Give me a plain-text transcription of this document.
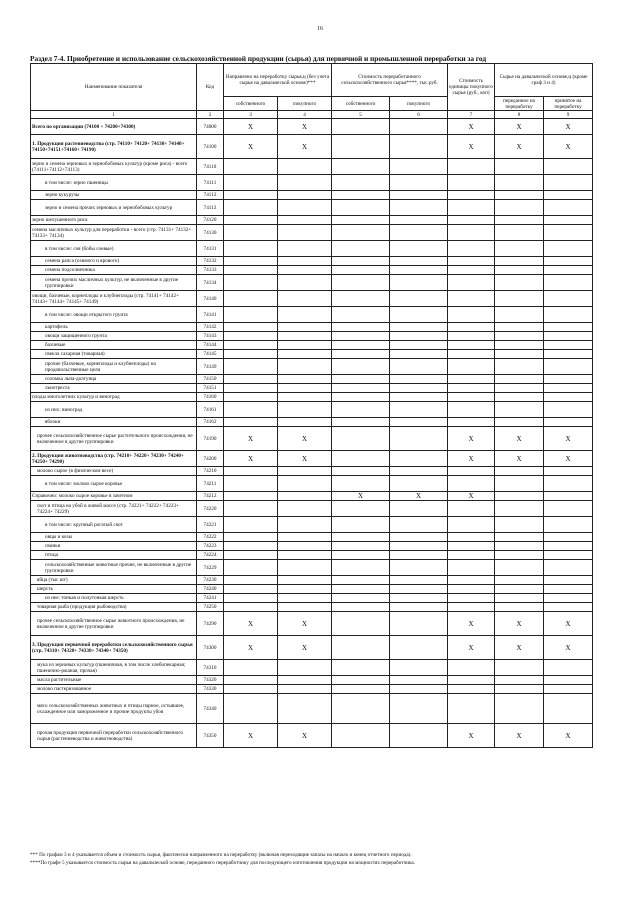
16
Раздел 7-4. Приобретение и использование сельскохозяйственной продукции (сырья) для первичной и промышленной переработки за год
Наименование показателя	Код	Направлено на переработку сырья,ц (без учета сырья на давальческой основе)***		Стоимость переработанного сельскохозяйственного сырья****, тыс.руб.		Стоимость единицы покупного сырья (руб., коп)	Сырье на давальческой основе,ц (кроме граф 3 и 4)	
		собственного	покупного	собственного	покупного		переданное на переработку	принятое на переработку
1	2	3	4	5	6	7	8	9
Всего по организации (74100 + 74200+74300)	74000	X	X			X	X	X
1. Продукция растениеводства (стр. 74110+ 74120+ 74130+ 74140+ 74150+74151+74160+ 74190)	74100	X	X			X	X	X
зерно и семена зерновых и зернобобовых культур (кроме риса) - всего (74111+74112+74113)	74110							
в том числе: зерно пшеницы	74111							
зерно кукурузы	74112							
зерно и семена прочих зерновых и зернобобовых культур	74113							
зерно шелушенного риса	74120							
семена масличных культур для переработки - всего (стр. 74131+ 74132+ 74133+ 74134)	74130							
в том числе: соя (бобы соевые)	74131							
семена рапса (озимого и ярового)	74132							
семена подсолнечника	74133							
семена прочих масличных культур, не включенные в другие группировки	74134							
овощи, бахчевые, корнеплоды и клубнеплоды (стр. 74141+ 74142+ 74143+ 74144+ 74145+ 74149)	74140							
в том числе: овощи открытого грунта	74141							
картофель	74142							
овощи защищенного грунта	74143							
бахчевые	74144							
свекла сахарная (товарная)	74145							
прочие (бахчевые, корнеплоды и клубнеплоды) на продовольственные цели	74149							
соломка льна-долгунца	74150							
льнотреста	74151							
плоды многолетних культур и виноград	74160							
из них: виноград	74161							
яблоки	74162							
прочее сельскохозяйственное сырье растительного происхождения, не включенное в другие группировки	74190	X	X			X	X	X
2. Продукция животноводства (стр. 74210+ 74220+ 74230+ 74240+ 74250+ 74290)	74200	X	X			X	X	X
молоко сырое (в физическом весе)	74210							
в том числе: молоко сырое коровье	74211							
Справочно: молоко сырое коровье в зачетном	74212			X	X	X		
скот и птица на убой в живой массе (стр. 74221+ 74222+ 74223+ 74224+ 74229)	74220							
в том числе: крупный рогатый скот	74221							
овцы и козы	74222							
свиньи	74223							
птица	74224							
сельскохозяйственные животные прочие, не включенные в другие группировки	74229							
яйца (тыс шт)	74230							
шерсть	74240							
из нее: тонкая и полутонкая шерсть	74241							
товарная рыба (продукция рыбоводства)	74250							
прочее сельскохозяйственное сырье животного происхождения, не включенное в другие группировки	74290	X	X			X	X	X
3. Продукция первичной переработки сельскохозяйственного сырья (стр. 74310+ 74320+ 74330+ 74340+ 74350)	74300	X	X			X	X	X
мука из зерновых культур (пшеничная, в том числе хлебопекарная; пшенично-ржаная, прочая)	74310							
масла растительные	74320							
молоко пастеризованное	74330							
мясо сельскохозяйственных животных и птицы парное, остывшее, охлажденное или замороженное и прочие продукты убоя	74340							
прочая продукция первичной переработки сельскохозяйственного сырья (растениеводства и животноводства)	74350	X	X			X	X	X
*** По графам 3 и 4 указывается объем и стоимость сырья, фактически направленного на переработку (включая переходящие запасы на начало и конец отчетного периода).
****По графе 5 указывается стоимость сырья на давальческой основе, переданного переработчику для последующего изготовления продукции на мощностях переработчика.
